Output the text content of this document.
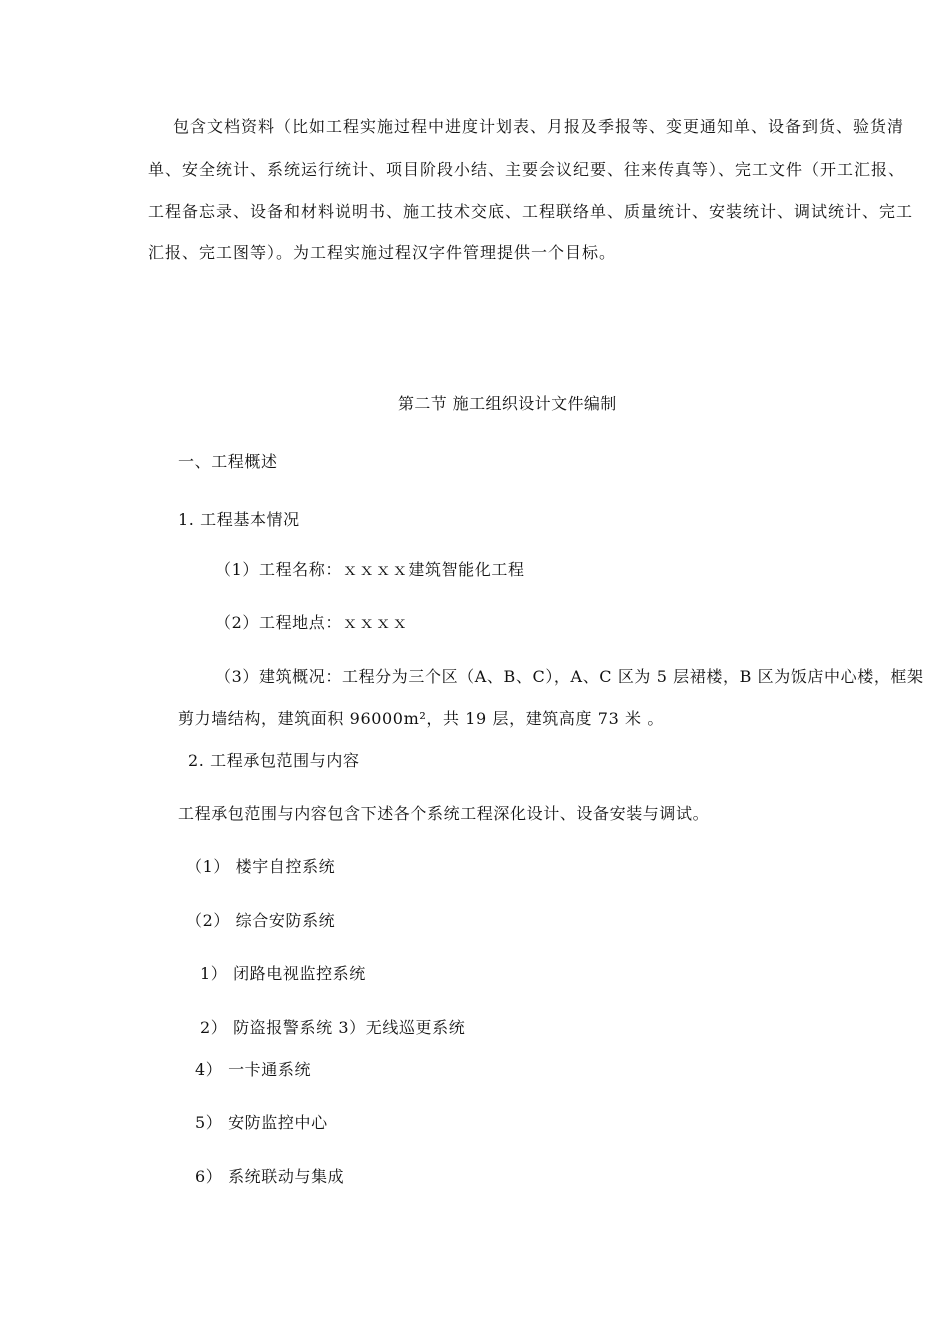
包含文档资料（比如工程实施过程中进度计划表、月报及季报等、变更通知单、设备到货、验货清
单、安全统计、系统运行统计、项目阶段小结、主要会议纪要、往来传真等）、完工文件（开工汇报、
工程备忘录、设备和材料说明书、施工技术交底、工程联络单、质量统计、安装统计、调试统计、完工
汇报、完工图等）。为工程实施过程汉字件管理提供一个目标。
第二节 施工组织设计文件编制
一、工程概述
1. 工程基本情况
（1）工程名称：ｘｘｘｘ建筑智能化工程
（2）工程地点：ｘｘｘｘ
（3）建筑概况：工程分为三个区（A、B、C），A、C 区为 5 层裙楼，B 区为饭店中心楼，框架
剪力墙结构，建筑面积 96000m²，共 19 层，建筑高度 73 米 。
2. 工程承包范围与内容
工程承包范围与内容包含下述各个系统工程深化设计、设备安装与调试。
（1） 楼宇自控系统
（2） 综合安防系统
1） 闭路电视监控系统
2） 防盗报警系统 3）无线巡更系统
4） 一卡通系统
5） 安防监控中心
6） 系统联动与集成
